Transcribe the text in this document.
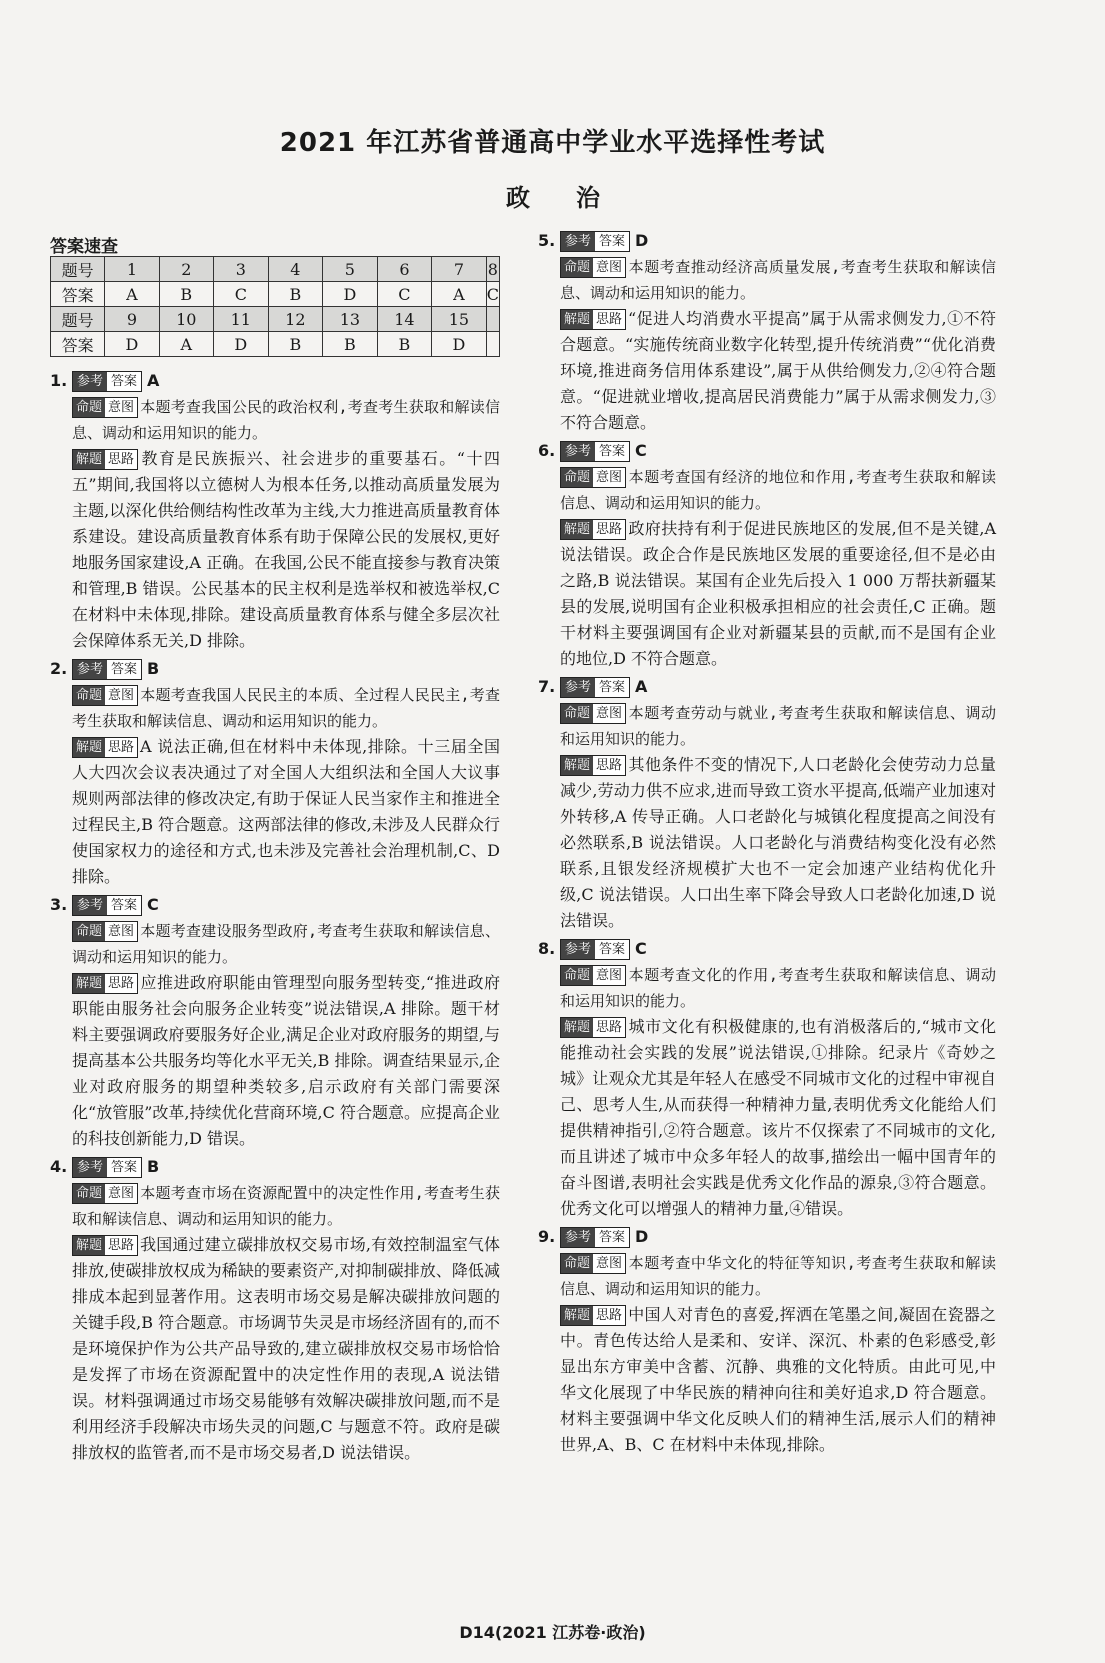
2021 年江苏省普通高中学业水平选择性考试
政治
答案速查
题号	1	2	3	4	5	6	7	8
答案	A	B	C	B	D	C	A	C
题号	9	10	11	12	13	14	15	
答案	D	A	D	B	B	B	D	
1. 参考 答案 A
命题 意图 本题考查我国公民的政治权利,考查考生获取和解读信息、调动和运用知识的能力。
解题 思路 教育是民族振兴、社会进步的重要基石。“十四五”期间,我国将以立德树人为根本任务,以推动高质量发展为主题,以深化供给侧结构性改革为主线,大力推进高质量教育体系建设。建设高质量教育体系有助于保障公民的发展权,更好地服务国家建设,A 正确。在我国,公民不能直接参与教育决策和管理,B 错误。公民基本的民主权利是选举权和被选举权,C 在材料中未体现,排除。建设高质量教育体系与健全多层次社会保障体系无关,D 排除。
2. 参考 答案 B
命题 意图 本题考查我国人民民主的本质、全过程人民民主,考查考生获取和解读信息、调动和运用知识的能力。
解题 思路 A 说法正确,但在材料中未体现,排除。十三届全国人大四次会议表决通过了对全国人大组织法和全国人大议事规则两部法律的修改决定,有助于保证人民当家作主和推进全过程民主,B 符合题意。这两部法律的修改,未涉及人民群众行使国家权力的途径和方式,也未涉及完善社会治理机制,C、D 排除。
3. 参考 答案 C
命题 意图 本题考查建设服务型政府,考查考生获取和解读信息、调动和运用知识的能力。
解题 思路 应推进政府职能由管理型向服务型转变,“推进政府职能由服务社会向服务企业转变”说法错误,A 排除。题干材料主要强调政府要服务好企业,满足企业对政府服务的期望,与提高基本公共服务均等化水平无关,B 排除。调查结果显示,企业对政府服务的期望种类较多,启示政府有关部门需要深化“放管服”改革,持续优化营商环境,C 符合题意。应提高企业的科技创新能力,D 错误。
4. 参考 答案 B
命题 意图 本题考查市场在资源配置中的决定性作用,考查考生获取和解读信息、调动和运用知识的能力。
解题 思路 我国通过建立碳排放权交易市场,有效控制温室气体排放,使碳排放权成为稀缺的要素资产,对抑制碳排放、降低减排成本起到显著作用。这表明市场交易是解决碳排放问题的关键手段,B 符合题意。市场调节失灵是市场经济固有的,而不是环境保护作为公共产品导致的,建立碳排放权交易市场恰恰是发挥了市场在资源配置中的决定性作用的表现,A 说法错误。材料强调通过市场交易能够有效解决碳排放问题,而不是利用经济手段解决市场失灵的问题,C 与题意不符。政府是碳排放权的监管者,而不是市场交易者,D 说法错误。
5. 参考 答案 D
命题 意图 本题考查推动经济高质量发展,考查考生获取和解读信息、调动和运用知识的能力。
解题 思路 “促进人均消费水平提高”属于从需求侧发力,①不符合题意。“实施传统商业数字化转型,提升传统消费”“优化消费环境,推进商务信用体系建设”,属于从供给侧发力,②④符合题意。“促进就业增收,提高居民消费能力”属于从需求侧发力,③不符合题意。
6. 参考 答案 C
命题 意图 本题考查国有经济的地位和作用,考查考生获取和解读信息、调动和运用知识的能力。
解题 思路 政府扶持有利于促进民族地区的发展,但不是关键,A 说法错误。政企合作是民族地区发展的重要途径,但不是必由之路,B 说法错误。某国有企业先后投入 1 000 万帮扶新疆某县的发展,说明国有企业积极承担相应的社会责任,C 正确。题干材料主要强调国有企业对新疆某县的贡献,而不是国有企业的地位,D 不符合题意。
7. 参考 答案 A
命题 意图 本题考查劳动与就业,考查考生获取和解读信息、调动和运用知识的能力。
解题 思路 其他条件不变的情况下,人口老龄化会使劳动力总量减少,劳动力供不应求,进而导致工资水平提高,低端产业加速对外转移,A 传导正确。人口老龄化与城镇化程度提高之间没有必然联系,B 说法错误。人口老龄化与消费结构变化没有必然联系,且银发经济规模扩大也不一定会加速产业结构优化升级,C 说法错误。人口出生率下降会导致人口老龄化加速,D 说法错误。
8. 参考 答案 C
命题 意图 本题考查文化的作用,考查考生获取和解读信息、调动和运用知识的能力。
解题 思路 城市文化有积极健康的,也有消极落后的,“城市文化能推动社会实践的发展”说法错误,①排除。纪录片《奇妙之城》让观众尤其是年轻人在感受不同城市文化的过程中审视自己、思考人生,从而获得一种精神力量,表明优秀文化能给人们提供精神指引,②符合题意。该片不仅探索了不同城市的文化,而且讲述了城市中众多年轻人的故事,描绘出一幅中国青年的奋斗图谱,表明社会实践是优秀文化作品的源泉,③符合题意。优秀文化可以增强人的精神力量,④错误。
9. 参考 答案 D
命题 意图 本题考查中华文化的特征等知识,考查考生获取和解读信息、调动和运用知识的能力。
解题 思路 中国人对青色的喜爱,挥洒在笔墨之间,凝固在瓷器之中。青色传达给人是柔和、安详、深沉、朴素的色彩感受,彰显出东方审美中含蓄、沉静、典雅的文化特质。由此可见,中华文化展现了中华民族的精神向往和美好追求,D 符合题意。材料主要强调中华文化反映人们的精神生活,展示人们的精神世界,A、B、C 在材料中未体现,排除。
D14(2021 江苏卷·政治)
